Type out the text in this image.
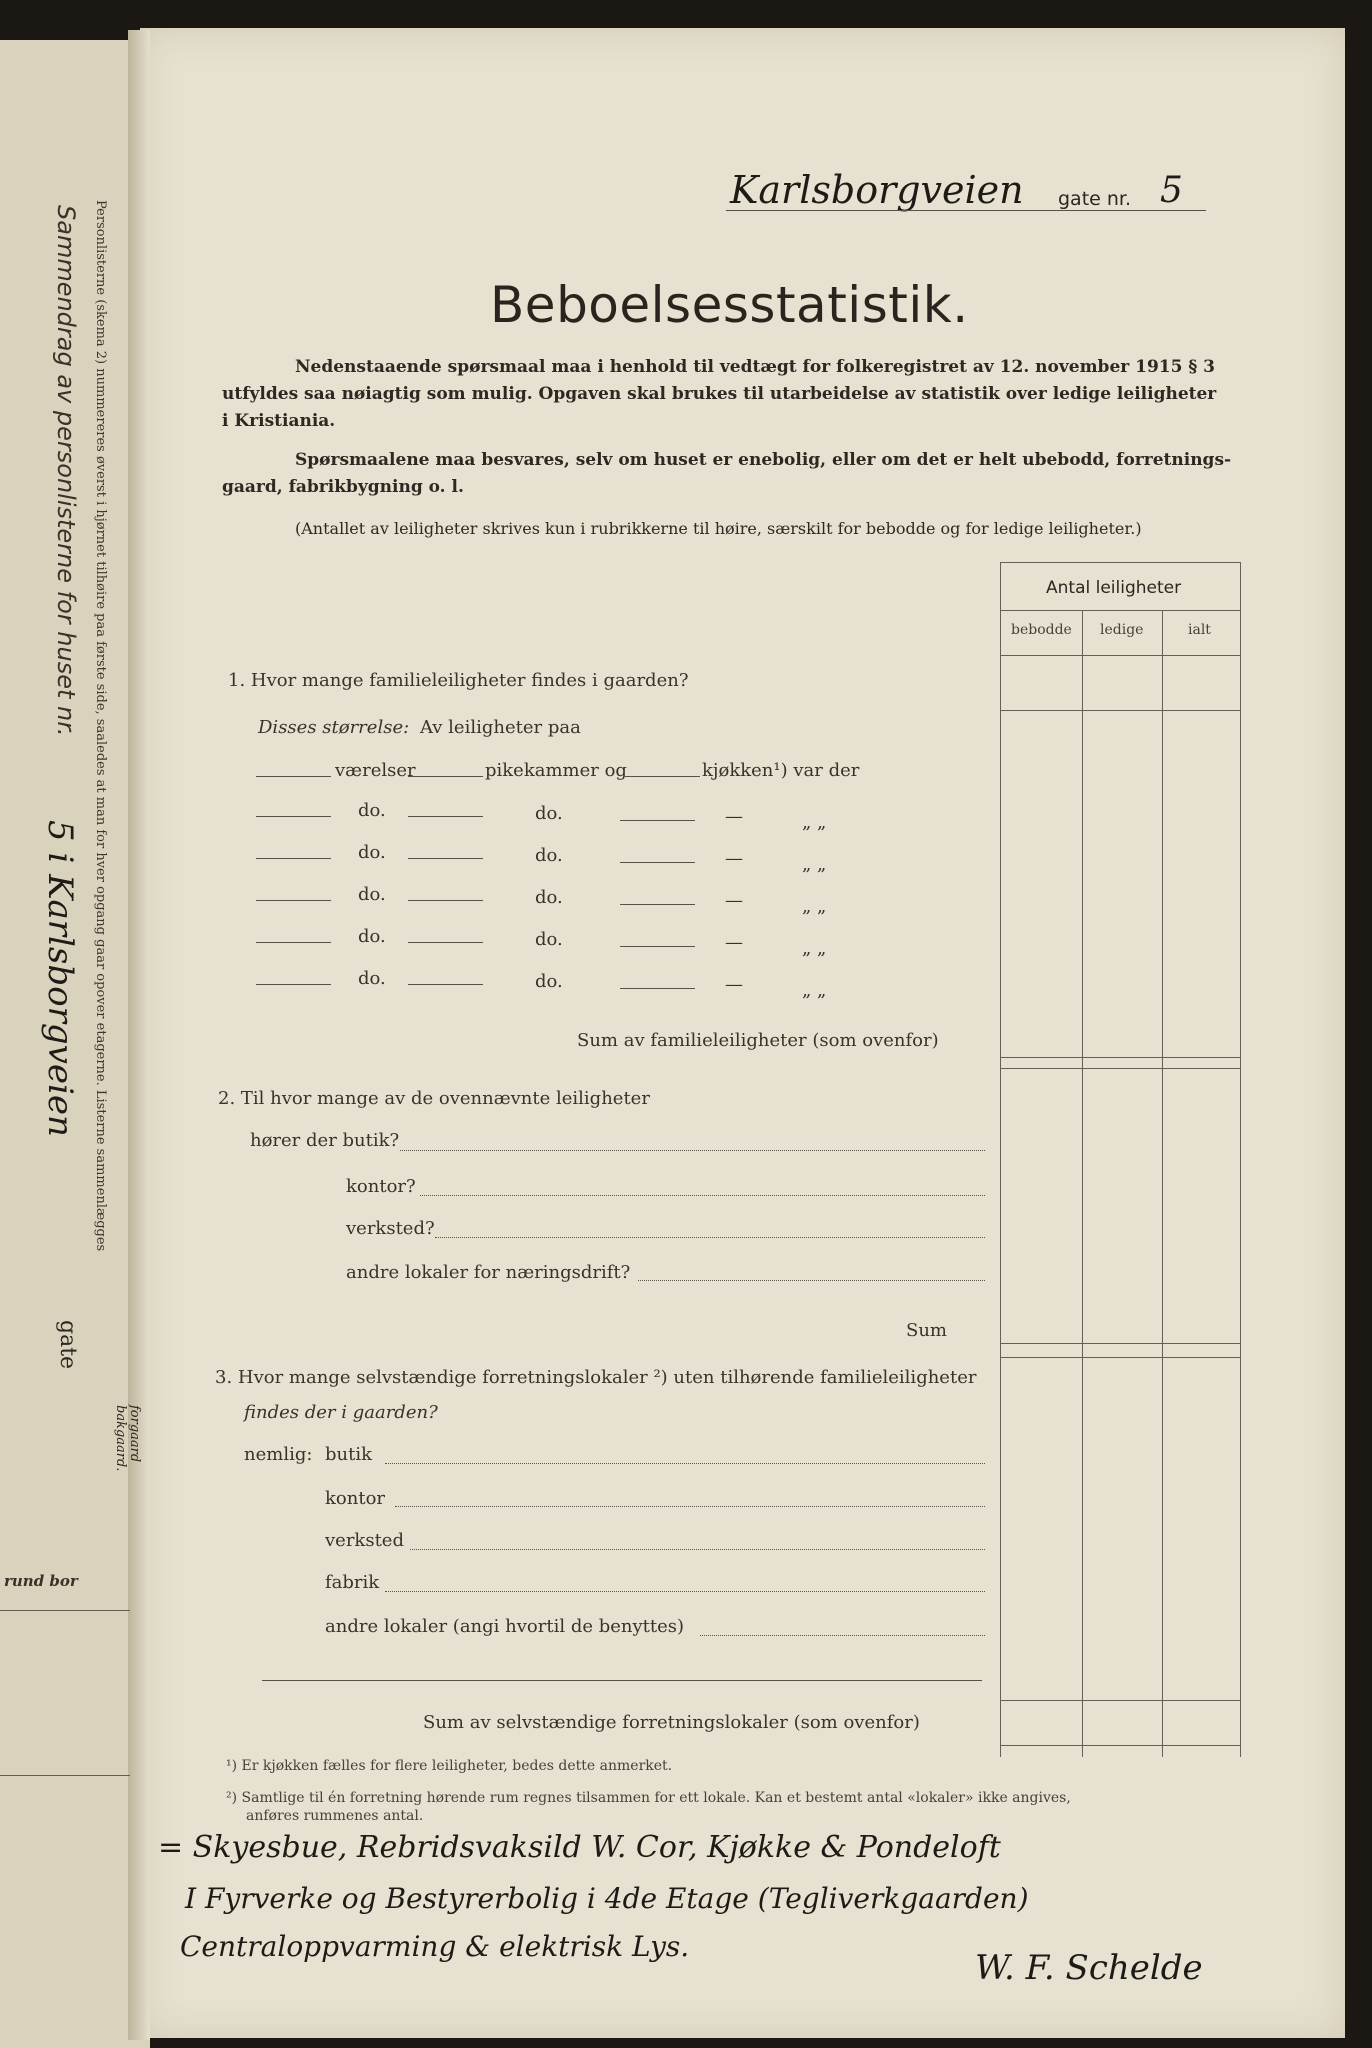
Sammendrag av personlisterne for huset nr.
5 i Karlsborgveien
gate
Personlisterne (skema 2) nummereres øverst i hjørnet tilhøire paa første side, saaledes at man for hver opgang gaar opover etagerne. Listerne sammenlægges
forgaard
bakgaard.
rund bor
Karlsborgveien gate nr. 5
Beboelsesstatistik.
Nedenstaaende spørsmaal maa i henhold til vedtægt for folkeregistret av 12. november 1915 § 3
utfyldes saa nøiagtig som mulig. Opgaven skal brukes til utarbeidelse av statistik over ledige leiligheter
i Kristiania.
Spørsmaalene maa besvares, selv om huset er enebolig, eller om det er helt ubebodd, forretnings-
gaard, fabrikbygning o. l.
(Antallet av leiligheter skrives kun i rubrikkerne til høire, særskilt for bebodde og for ledige leiligheter.)
Antal leiligheter
bebodde ledige	ialt
1. Hvor mange familieleiligheter findes i gaarden?
Disses størrelse: Av leiligheter paa
værelser	pikekammer og	kjøkken¹) var der
do.	do.	—	„ „
do.	do.	—	„ „
do.	do.	—	„ „
do.	do.	—	„ „
do.	do.	—	„ „
Sum av familieleiligheter (som ovenfor)
2. Til hvor mange av de ovennævnte leiligheter
hører der butik?
kontor?
verksted?
andre lokaler for næringsdrift?
Sum
3. Hvor mange selvstændige forretningslokaler ²) uten tilhørende familieleiligheter
findes der i gaarden?
nemlig: butik
kontor
verksted
fabrik
andre lokaler (angi hvortil de benyttes)
Sum av selvstændige forretningslokaler (som ovenfor)
¹) Er kjøkken fælles for flere leiligheter, bedes dette anmerket.
²) Samtlige til én forretning hørende rum regnes tilsammen for ett lokale. Kan et bestemt antal «lokaler» ikke angives,
anføres rummenes antal.
= Skyesbue, Rebridsvaksild W. Cor, Kjøkke & Pondeloft
I Fyrverke og Bestyrerbolig i 4de Etage (Tegliverkgaarden)
Centraloppvarming & elektrisk Lys.
W. F. Schelde
